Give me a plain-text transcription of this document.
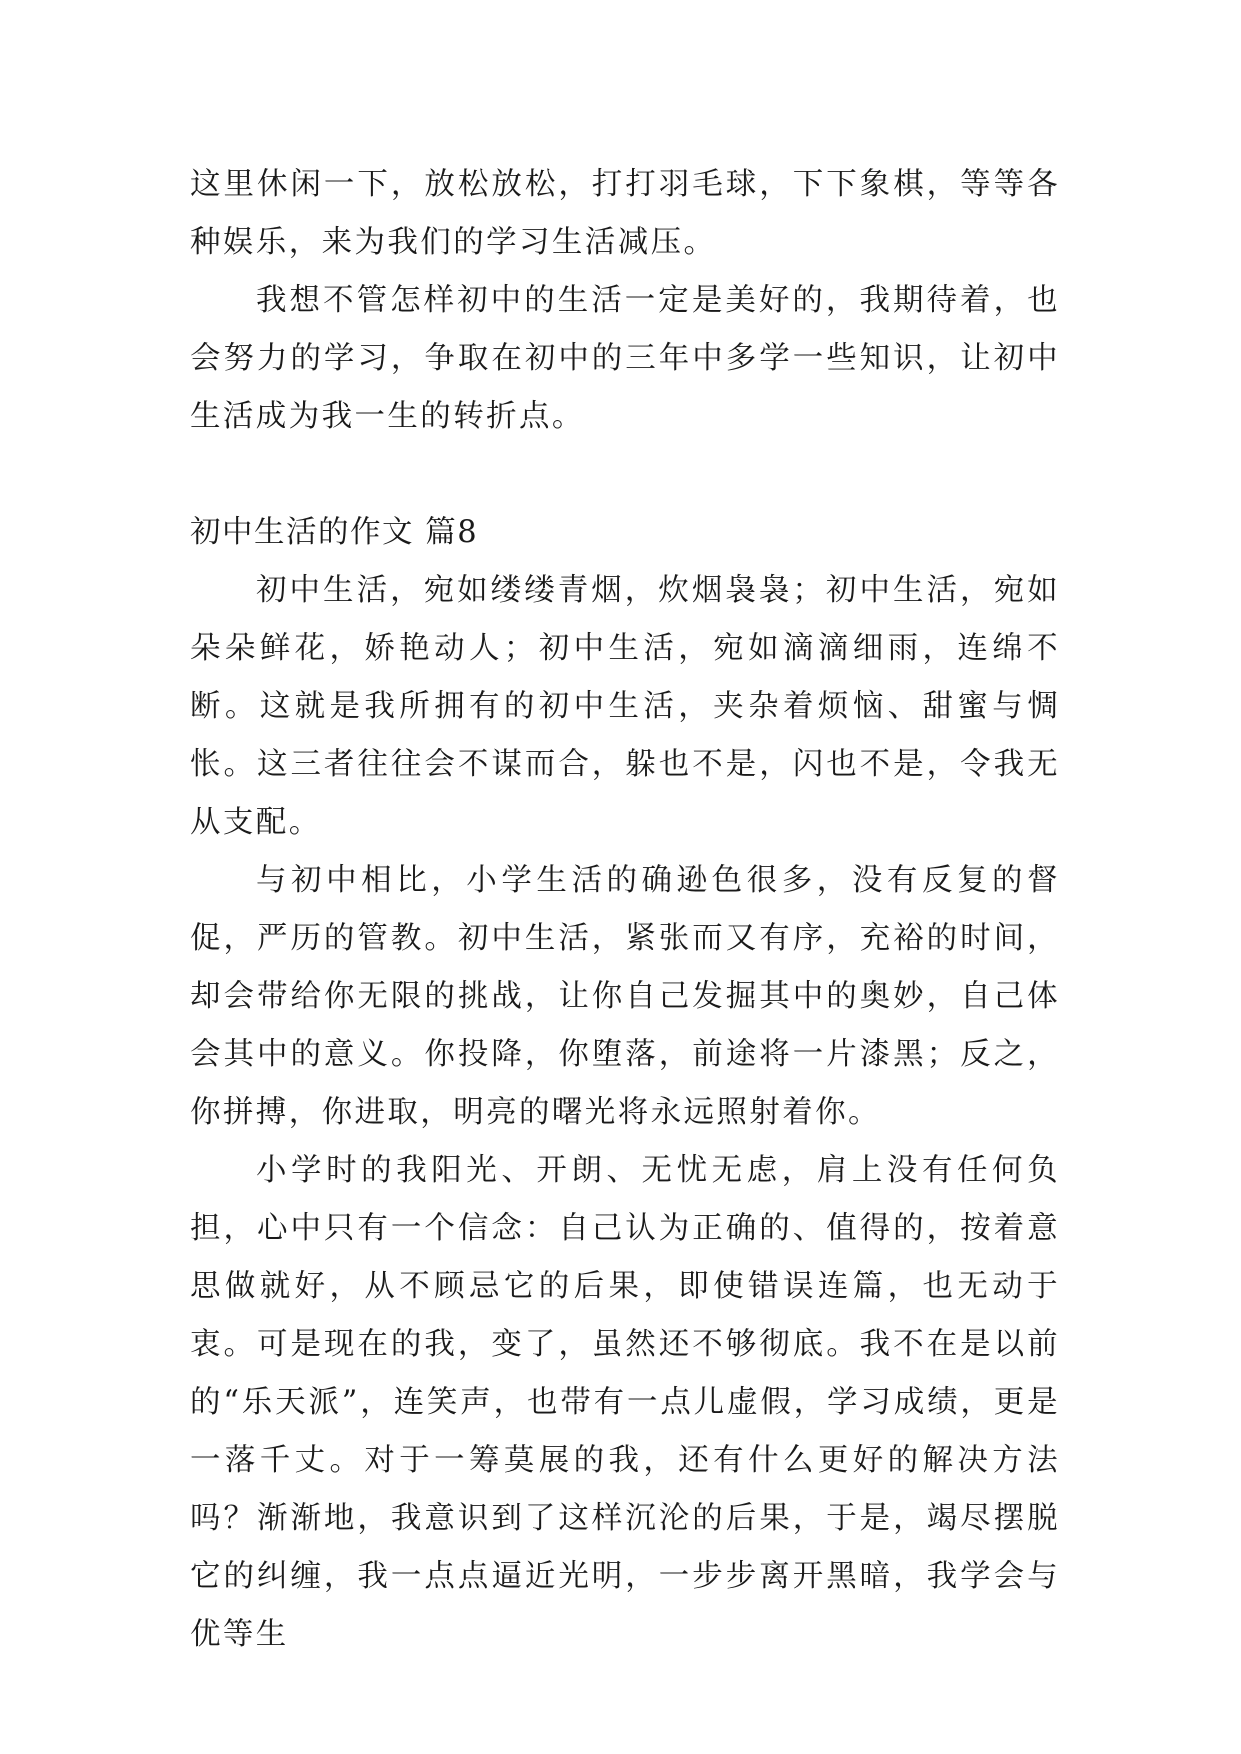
这里休闲一下，放松放松，打打羽毛球，下下象棋，等等各种娱乐，来为我们的学习生活减压。

我想不管怎样初中的生活一定是美好的，我期待着，也会努力的学习，争取在初中的三年中多学一些知识，让初中生活成为我一生的转折点。

初中生活的作文 篇8

初中生活，宛如缕缕青烟，炊烟袅袅；初中生活，宛如朵朵鲜花，娇艳动人；初中生活，宛如滴滴细雨，连绵不断。这就是我所拥有的初中生活，夹杂着烦恼、甜蜜与惆怅。这三者往往会不谋而合，躲也不是，闪也不是，令我无从支配。

与初中相比，小学生活的确逊色很多，没有反复的督促，严历的管教。初中生活，紧张而又有序，充裕的时间，却会带给你无限的挑战，让你自己发掘其中的奥妙，自己体会其中的意义。你投降，你堕落，前途将一片漆黑；反之，你拼搏，你进取，明亮的曙光将永远照射着你。

小学时的我阳光、开朗、无忧无虑，肩上没有任何负担，心中只有一个信念：自己认为正确的、值得的，按着意思做就好，从不顾忌它的后果，即使错误连篇，也无动于衷。可是现在的我，变了，虽然还不够彻底。我不在是以前的“乐天派”，连笑声，也带有一点儿虚假，学习成绩，更是一落千丈。对于一筹莫展的我，还有什么更好的解决方法吗？渐渐地，我意识到了这样沉沦的后果，于是，竭尽摆脱它的纠缠，我一点点逼近光明，一步步离开黑暗，我学会与优等生
